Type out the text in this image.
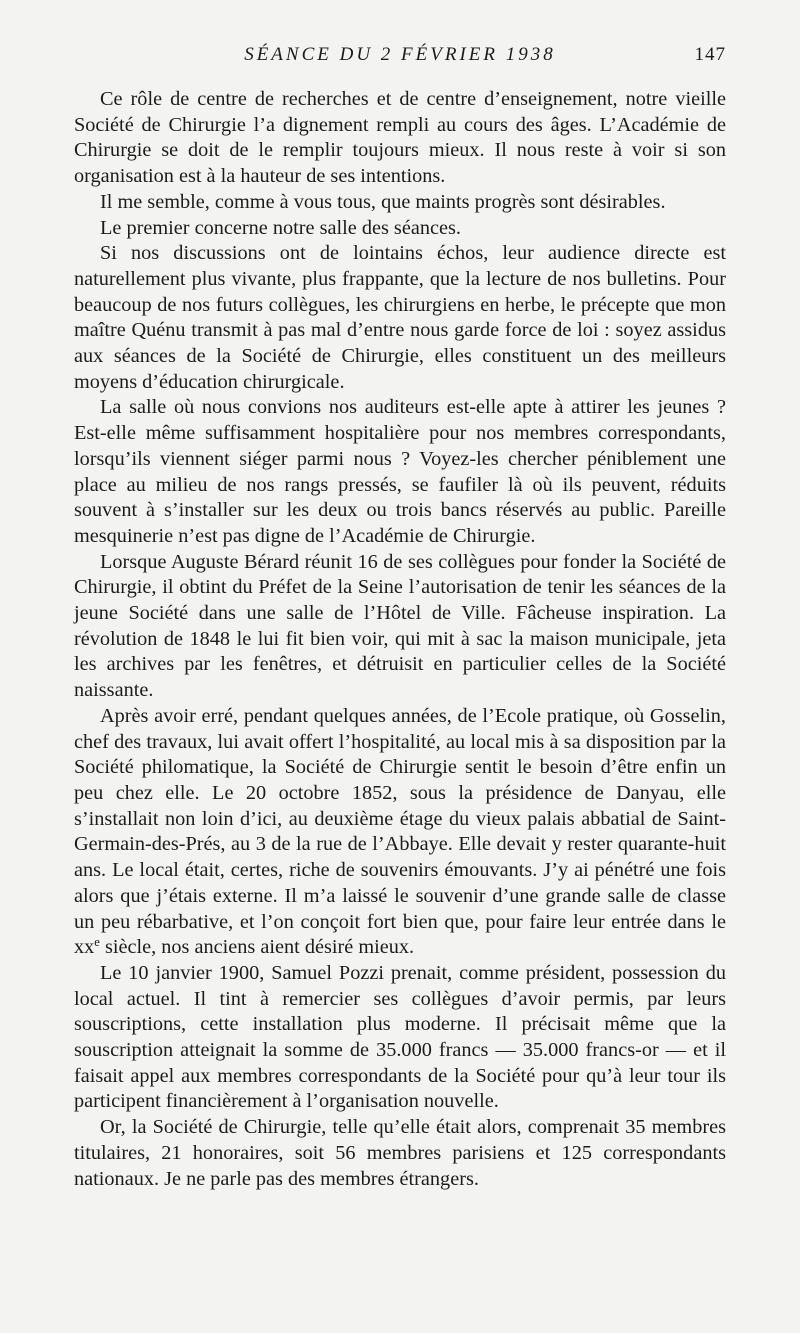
SÉANCE DU 2 FÉVRIER 1938	147

Ce rôle de centre de recherches et de centre d’enseignement, notre vieille Société de Chirurgie l’a dignement rempli au cours des âges. L’Académie de Chirurgie se doit de le remplir toujours mieux. Il nous reste à voir si son organisation est à la hauteur de ses intentions.

Il me semble, comme à vous tous, que maints progrès sont désirables.

Le premier concerne notre salle des séances.

Si nos discussions ont de lointains échos, leur audience directe est naturellement plus vivante, plus frappante, que la lecture de nos bulletins. Pour beaucoup de nos futurs collègues, les chirurgiens en herbe, le précepte que mon maître Quénu transmit à pas mal d’entre nous garde force de loi : soyez assidus aux séances de la Société de Chirurgie, elles constituent un des meilleurs moyens d’éducation chirurgicale.

La salle où nous convions nos auditeurs est-elle apte à attirer les jeunes ? Est-elle même suffisamment hospitalière pour nos membres correspondants, lorsqu’ils viennent siéger parmi nous ? Voyez-les chercher péniblement une place au milieu de nos rangs pressés, se faufiler là où ils peuvent, réduits souvent à s’installer sur les deux ou trois bancs réservés au public. Pareille mesquinerie n’est pas digne de l’Académie de Chirurgie.

Lorsque Auguste Bérard réunit 16 de ses collègues pour fonder la Société de Chirurgie, il obtint du Préfet de la Seine l’autorisation de tenir les séances de la jeune Société dans une salle de l’Hôtel de Ville. Fâcheuse inspiration. La révolution de 1848 le lui fit bien voir, qui mit à sac la maison municipale, jeta les archives par les fenêtres, et détruisit en particulier celles de la Société naissante.

Après avoir erré, pendant quelques années, de l’Ecole pratique, où Gosselin, chef des travaux, lui avait offert l’hospitalité, au local mis à sa disposition par la Société philomatique, la Société de Chirurgie sentit le besoin d’être enfin un peu chez elle. Le 20 octobre 1852, sous la présidence de Danyau, elle s’installait non loin d’ici, au deuxième étage du vieux palais abbatial de Saint-Germain-des-Prés, au 3 de la rue de l’Abbaye. Elle devait y rester quarante-huit ans. Le local était, certes, riche de souvenirs émouvants. J’y ai pénétré une fois alors que j’étais externe. Il m’a laissé le souvenir d’une grande salle de classe un peu rébarbative, et l’on conçoit fort bien que, pour faire leur entrée dans le $xx^e$ siècle, nos anciens aient désiré mieux.

Le 10 janvier 1900, Samuel Pozzi prenait, comme président, possession du local actuel. Il tint à remercier ses collègues d’avoir permis, par leurs souscriptions, cette installation plus moderne. Il précisait même que la souscription atteignait la somme de 35.000 francs — 35.000 francs-or — et il faisait appel aux membres correspondants de la Société pour qu’à leur tour ils participent financièrement à l’organisation nouvelle.

Or, la Société de Chirurgie, telle qu’elle était alors, comprenait 35 membres titulaires, 21 honoraires, soit 56 membres parisiens et 125 correspondants nationaux. Je ne parle pas des membres étrangers.
